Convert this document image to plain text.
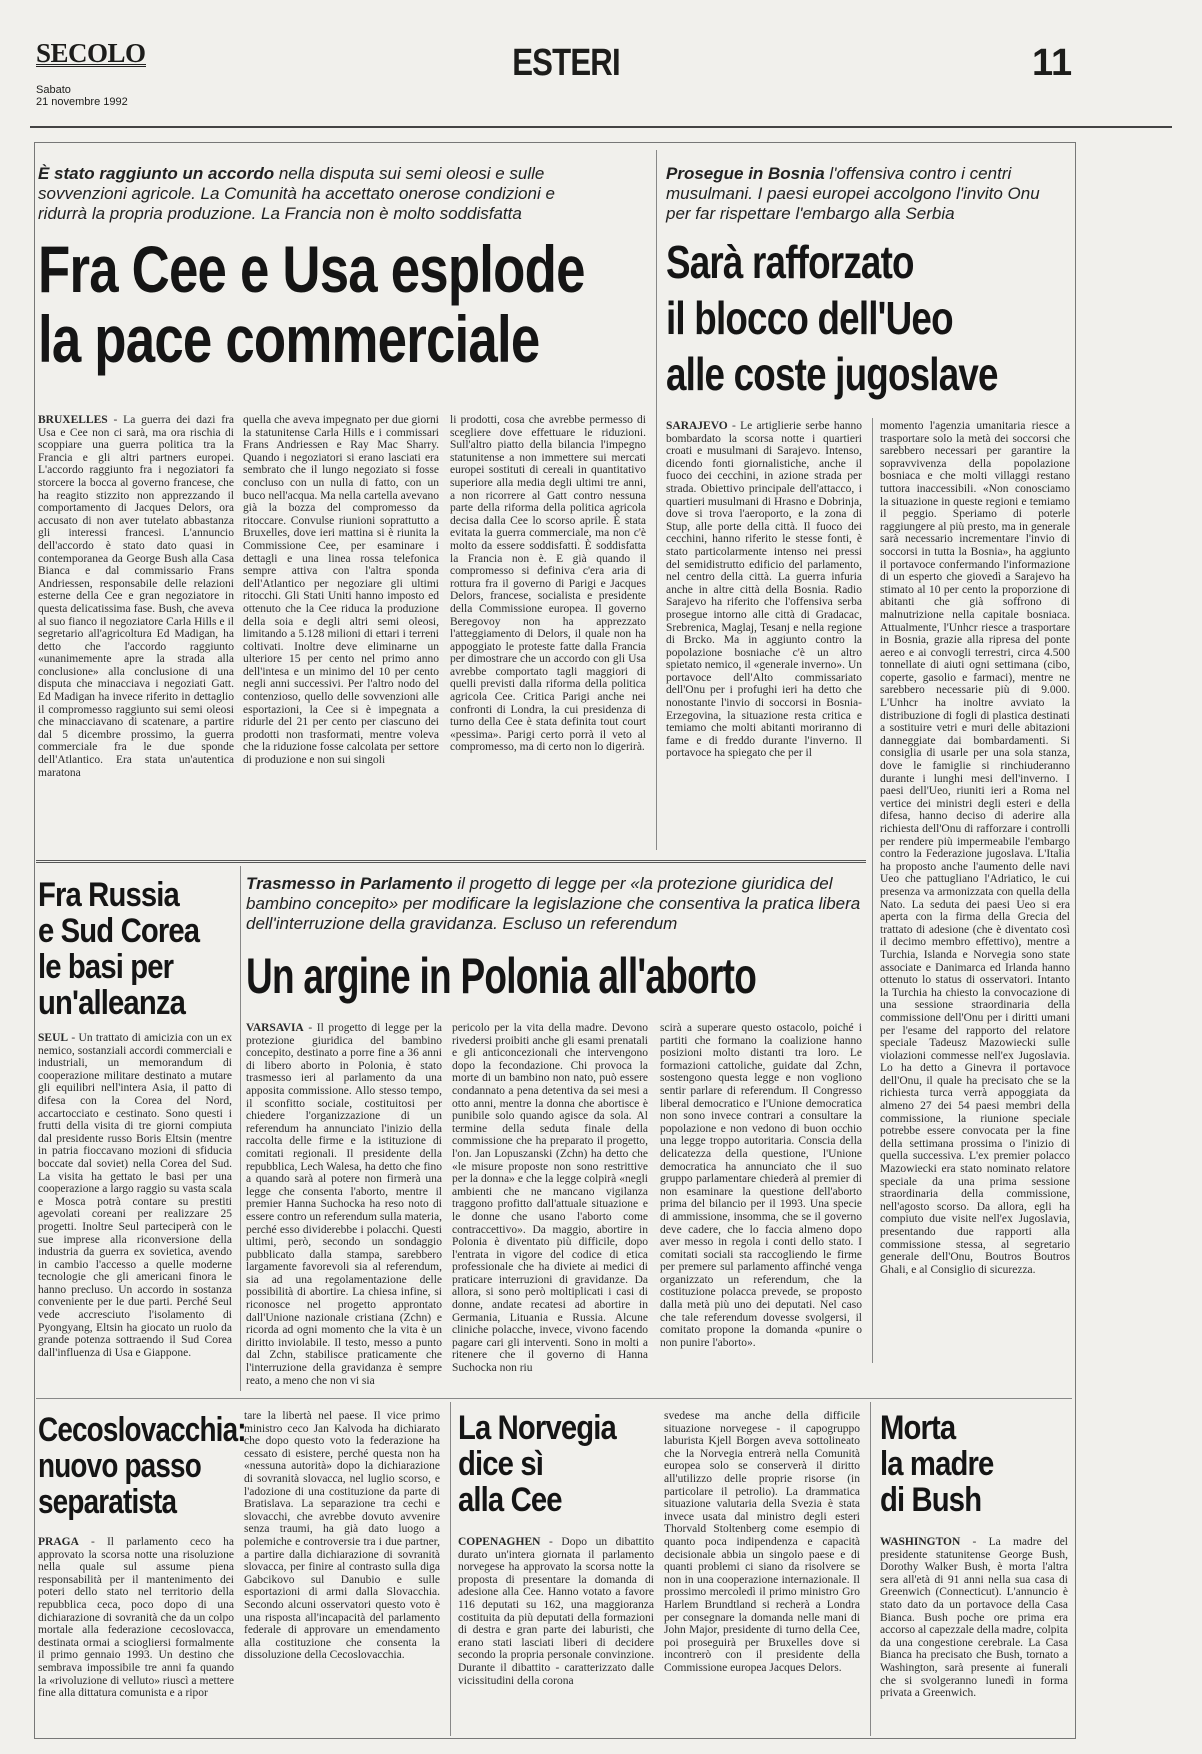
SECOLO
Sabato
21 novembre 1992
ESTERI	11
È stato raggiunto un accordo nella disputa sui semi oleosi e sulle sovvenzioni agricole. La Comunità ha accettato onerose condizioni e ridurrà la propria produzione. La Francia non è molto soddisfatta
Fra Cee e Usa esplode
la pace commerciale
BRUXELLES - La guerra dei dazi fra Usa e Cee non ci sarà, ma ora rischia di scoppiare una guerra politica tra la Francia e gli altri partners europei. L'accordo raggiunto fra i negoziatori fa storcere la bocca al governo francese, che ha reagito stizzito non apprezzando il comportamento di Jacques Delors, ora accusato di non aver tutelato abbastanza gli interessi francesi. L'annuncio dell'accordo è stato dato quasi in contemporanea da George Bush alla Casa Bianca e dal commissario Frans Andriessen, responsabile delle relazioni esterne della Cee e gran negoziatore in questa delicatissima fase. Bush, che aveva al suo fianco il negoziatore Carla Hills e il segretario all'agricoltura Ed Madigan, ha detto che l'accordo raggiunto «unanimemente apre la strada alla conclusione» alla conclusione di una disputa che minacciava i negoziati Gatt. Ed Madigan ha invece riferito in dettaglio il compromesso raggiunto sui semi oleosi che minacciavano di scatenare, a partire dal 5 dicembre prossimo, la guerra commerciale fra le due sponde dell'Atlantico. Era stata un'autentica maratona
quella che aveva impegnato per due giorni la statunitense Carla Hills e i commissari Frans Andriessen e Ray Mac Sharry. Quando i negoziatori si erano lasciati era sembrato che il lungo negoziato si fosse concluso con un nulla di fatto, con un buco nell'acqua. Ma nella cartella avevano già la bozza del compromesso da ritoccare. Convulse riunioni soprattutto a Bruxelles, dove ieri mattina si è riunita la Commissione Cee, per esaminare i dettagli e una linea rossa telefonica sempre attiva con l'altra sponda dell'Atlantico per negoziare gli ultimi ritocchi. Gli Stati Uniti hanno imposto ed ottenuto che la Cee riduca la produzione della soia e degli altri semi oleosi, limitando a 5.128 milioni di ettari i terreni coltivati. Inoltre deve eliminarne un ulteriore 15 per cento nel primo anno dell'intesa e un minimo del 10 per cento negli anni successivi. Per l'altro nodo del contenzioso, quello delle sovvenzioni alle esportazioni, la Cee si è impegnata a ridurle del 21 per cento per ciascuno dei prodotti non trasformati, mentre voleva che la riduzione fosse calcolata per settore di produzione e non sui singoli
li prodotti, cosa che avrebbe permesso di scegliere dove effettuare le riduzioni. Sull'altro piatto della bilancia l'impegno statunitense a non immettere sui mercati europei sostituti di cereali in quantitativo superiore alla media degli ultimi tre anni, a non ricorrere al Gatt contro nessuna parte della riforma della politica agricola decisa dalla Cee lo scorso aprile. È stata evitata la guerra commerciale, ma non c'è molto da essere soddisfatti. È soddisfatta la Francia non è. E già quando il compromesso si definiva c'era aria di rottura fra il governo di Parigi e Jacques Delors, francese, socialista e presidente della Commissione europea. Il governo Beregovoy non ha apprezzato l'atteggiamento di Delors, il quale non ha appoggiato le proteste fatte dalla Francia per dimostrare che un accordo con gli Usa avrebbe comportato tagli maggiori di quelli previsti dalla riforma della politica agricola Cee. Critica Parigi anche nei confronti di Londra, la cui presidenza di turno della Cee è stata definita tout court «pessima». Parigi certo porrà il veto al compromesso, ma di certo non lo digerirà.
Prosegue in Bosnia l'offensiva contro i centri musulmani. I paesi europei accolgono l'invito Onu per far rispettare l'embargo alla Serbia
Sarà rafforzato
il blocco dell'Ueo
alle coste jugoslave
SARAJEVO - Le artiglierie serbe hanno bombardato la scorsa notte i quartieri croati e musulmani di Sarajevo. Intenso, dicendo fonti giornalistiche, anche il fuoco dei cecchini, in azione strada per strada. Obiettivo principale dell'attacco, i quartieri musulmani di Hrasno e Dobrinja, dove si trova l'aeroporto, e la zona di Stup, alle porte della città. Il fuoco dei cecchini, hanno riferito le stesse fonti, è stato particolarmente intenso nei pressi del semidistrutto edificio del parlamento, nel centro della città. La guerra infuria anche in altre città della Bosnia. Radio Sarajevo ha riferito che l'offensiva serba prosegue intorno alle città di Gradacac, Srebrenica, Maglaj, Tesanj e nella regione di Brcko. Ma in aggiunto contro la popolazione bosniache c'è un altro spietato nemico, il «generale inverno». Un portavoce dell'Alto commissariato dell'Onu per i profughi ieri ha detto che nonostante l'invio di soccorsi in Bosnia-Erzegovina, la situazione resta critica e temiamo che molti abitanti moriranno di fame e di freddo durante l'inverno. Il portavoce ha spiegato che per il
momento l'agenzia umanitaria riesce a trasportare solo la metà dei soccorsi che sarebbero necessari per garantire la sopravvivenza della popolazione bosniaca e che molti villaggi restano tuttora inaccessibili. «Non conosciamo la situazione in queste regioni e temiamo il peggio. Speriamo di poterle raggiungere al più presto, ma in generale sarà necessario incrementare l'invio di soccorsi in tutta la Bosnia», ha aggiunto il portavoce confermando l'informazione di un esperto che giovedì a Sarajevo ha stimato al 10 per cento la proporzione di abitanti che già soffrono di malnutrizione nella capitale bosniaca. Attualmente, l'Unhcr riesce a trasportare in Bosnia, grazie alla ripresa del ponte aereo e ai convogli terrestri, circa 4.500 tonnellate di aiuti ogni settimana (cibo, coperte, gasolio e farmaci), mentre ne sarebbero necessarie più di 9.000. L'Unhcr ha inoltre avviato la distribuzione di fogli di plastica destinati a sostituire vetri e muri delle abitazioni danneggiate dai bombardamenti. Si consiglia di usarle per una sola stanza, dove le famiglie si rinchiuderanno durante i lunghi mesi dell'inverno. I paesi dell'Ueo, riuniti ieri a Roma nel vertice dei ministri degli esteri e della difesa, hanno deciso di aderire alla richiesta dell'Onu di rafforzare i controlli per rendere più impermeabile l'embargo contro la Federazione jugoslava. L'Italia ha proposto anche l'aumento delle navi Ueo che pattugliano l'Adriatico, le cui presenza va armonizzata con quella della Nato. La seduta dei paesi Ueo si era aperta con la firma della Grecia del trattato di adesione (che è diventato così il decimo membro effettivo), mentre a Turchia, Islanda e Norvegia sono state associate e Danimarca ed Irlanda hanno ottenuto lo status di osservatori. Intanto la Turchia ha chiesto la convocazione di una sessione straordinaria della commissione dell'Onu per i diritti umani per l'esame del rapporto del relatore speciale Tadeusz Mazowiecki sulle violazioni commesse nell'ex Jugoslavia. Lo ha detto a Ginevra il portavoce dell'Onu, il quale ha precisato che se la richiesta turca verrà appoggiata da almeno 27 dei 54 paesi membri della commissione, la riunione speciale potrebbe essere convocata per la fine della settimana prossima o l'inizio di quella successiva. L'ex premier polacco Mazowiecki era stato nominato relatore speciale da una prima sessione straordinaria della commissione, nell'agosto scorso. Da allora, egli ha compiuto due visite nell'ex Jugoslavia, presentando due rapporti alla commissione stessa, al segretario generale dell'Onu, Boutros Boutros Ghali, e al Consiglio di sicurezza.
Fra Russia
e Sud Corea
le basi per
un'alleanza
SEUL - Un trattato di amicizia con un ex nemico, sostanziali accordi commerciali e industriali, un memorandum di cooperazione militare destinato a mutare gli equilibri nell'intera Asia, il patto di difesa con la Corea del Nord, accartocciato e cestinato. Sono questi i frutti della visita di tre giorni compiuta dal presidente russo Boris Eltsin (mentre in patria fioccavano mozioni di sfiducia boccate dal soviet) nella Corea del Sud. La visita ha gettato le basi per una cooperazione a largo raggio su vasta scala e Mosca potrà contare su prestiti agevolati coreani per realizzare 25 progetti. Inoltre Seul parteciperà con le sue imprese alla riconversione della industria da guerra ex sovietica, avendo in cambio l'accesso a quelle moderne tecnologie che gli americani finora le hanno precluso. Un accordo in sostanza conveniente per le due parti. Perché Seul vede accresciuto l'isolamento di Pyongyang, Eltsin ha giocato un ruolo da grande potenza sottraendo il Sud Corea dall'influenza di Usa e Giappone.
Trasmesso in Parlamento il progetto di legge per «la protezione giuridica del bambino concepito» per modificare la legislazione che consentiva la pratica libera dell'interruzione della gravidanza. Escluso un referendum
Un argine in Polonia all'aborto
VARSAVIA - Il progetto di legge per la protezione giuridica del bambino concepito, destinato a porre fine a 36 anni di libero aborto in Polonia, è stato trasmesso ieri al parlamento da una apposita commissione. Allo stesso tempo, il sconfitto sociale, costituitosi per chiedere l'organizzazione di un referendum ha annunciato l'inizio della raccolta delle firme e la istituzione di comitati regionali. Il presidente della repubblica, Lech Walesa, ha detto che fino a quando sarà al potere non firmerà una legge che consenta l'aborto, mentre il premier Hanna Suchocka ha reso noto di essere contro un referendum sulla materia, perché esso dividerebbe i polacchi. Questi ultimi, però, secondo un sondaggio pubblicato dalla stampa, sarebbero largamente favorevoli sia al referendum, sia ad una regolamentazione delle possibilità di abortire. La chiesa infine, si riconosce nel progetto approntato dall'Unione nazionale cristiana (Zchn) e ricorda ad ogni momento che la vita è un diritto inviolabile. Il testo, messo a punto dal Zchn, stabilisce praticamente che l'interruzione della gravidanza è sempre reato, a meno che non vi sia
pericolo per la vita della madre. Devono rivedersi proibiti anche gli esami prenatali e gli anticoncezionali che intervengono dopo la fecondazione. Chi provoca la morte di un bambino non nato, può essere condannato a pena detentiva da sei mesi a otto anni, mentre la donna che abortisce è punibile solo quando agisce da sola. Al termine della seduta finale della commissione che ha preparato il progetto, l'on. Jan Lopuszanski (Zchn) ha detto che «le misure proposte non sono restrittive per la donna» e che la legge colpirà «negli ambienti che ne mancano vigilanza traggono profitto dall'attuale situazione e le donne che usano l'aborto come contraccettivo». Da maggio, abortire in Polonia è diventato più difficile, dopo l'entrata in vigore del codice di etica professionale che ha diviete ai medici di praticare interruzioni di gravidanze. Da allora, si sono però moltiplicati i casi di donne, andate recatesi ad abortire in Germania, Lituania e Russia. Alcune cliniche polacche, invece, vivono facendo pagare cari gli interventi. Sono in molti a ritenere che il governo di Hanna Suchocka non riu
scirà a superare questo ostacolo, poiché i partiti che formano la coalizione hanno posizioni molto distanti tra loro. Le formazioni cattoliche, guidate dal Zchn, sostengono questa legge e non vogliono sentir parlare di referendum. Il Congresso liberal democratico e l'Unione democratica non sono invece contrari a consultare la popolazione e non vedono di buon occhio una legge troppo autoritaria. Conscia della delicatezza della questione, l'Unione democratica ha annunciato che il suo gruppo parlamentare chiederà al premier di non esaminare la questione dell'aborto prima del bilancio per il 1993. Una specie di ammissione, insomma, che se il governo deve cadere, che lo faccia almeno dopo aver messo in regola i conti dello stato. I comitati sociali sta raccogliendo le firme per premere sul parlamento affinché venga organizzato un referendum, che la costituzione polacca prevede, se proposto dalla metà più uno dei deputati. Nel caso che tale referendum dovesse svolgersi, il comitato propone la domanda «punire o non punire l'aborto».
Cecoslovacchia:
nuovo passo
separatista
PRAGA - Il parlamento ceco ha approvato la scorsa notte una risoluzione nella quale sul assume piena responsabilità per il mantenimento dei poteri dello stato nel territorio della repubblica ceca, poco dopo di una dichiarazione di sovranità che da un colpo mortale alla federazione cecoslovacca, destinata ormai a sciogliersi formalmente il primo gennaio 1993. Un destino che sembrava impossibile tre anni fa quando la «rivoluzione di velluto» riuscì a mettere fine alla dittatura comunista e a ripor
tare la libertà nel paese. Il vice primo ministro ceco Jan Kalvoda ha dichiarato che dopo questo voto la federazione ha cessato di esistere, perché questa non ha «nessuna autorità» dopo la dichiarazione di sovranità slovacca, nel luglio scorso, e l'adozione di una costituzione da parte di Bratislava. La separazione tra cechi e slovacchi, che avrebbe dovuto avvenire senza traumi, ha già dato luogo a polemiche e controversie tra i due partner, a partire dalla dichiarazione di sovranità slovacca, per finire al contrasto sulla diga Gabcikovo sul Danubio e sulle esportazioni di armi dalla Slovacchia. Secondo alcuni osservatori questo voto è una risposta all'incapacità del parlamento federale di approvare un emendamento alla costituzione che consenta la dissoluzione della Cecoslovacchia.
La Norvegia
dice sì
alla Cee
COPENAGHEN - Dopo un dibattito durato un'intera giornata il parlamento norvegese ha approvato la scorsa notte la proposta di presentare la domanda di adesione alla Cee. Hanno votato a favore 116 deputati su 162, una maggioranza costituita da più deputati della formazioni di destra e gran parte dei laburisti, che erano stati lasciati liberi di decidere secondo la propria personale convinzione. Durante il dibattito - caratterizzato dalle vicissitudini della corona
svedese ma anche della difficile situazione norvegese - il capogruppo laburista Kjell Borgen aveva sottolineato che la Norvegia entrerà nella Comunità europea solo se conserverà il diritto all'utilizzo delle proprie risorse (in particolare il petrolio). La drammatica situazione valutaria della Svezia è stata invece usata dal ministro degli esteri Thorvald Stoltenberg come esempio di quanto poca indipendenza e capacità decisionale abbia un singolo paese e di quanti problemi ci siano da risolvere se non in una cooperazione internazionale. Il prossimo mercoledì il primo ministro Gro Harlem Brundtland si recherà a Londra per consegnare la domanda nelle mani di John Major, presidente di turno della Cee, poi proseguirà per Bruxelles dove si incontrerò con il presidente della Commissione europea Jacques Delors.
Morta
la madre
di Bush
WASHINGTON - La madre del presidente statunitense George Bush, Dorothy Walker Bush, è morta l'altra sera all'età di 91 anni nella sua casa di Greenwich (Connecticut). L'annuncio è stato dato da un portavoce della Casa Bianca. Bush poche ore prima era accorso al capezzale della madre, colpita da una congestione cerebrale. La Casa Bianca ha precisato che Bush, tornato a Washington, sarà presente ai funerali che si svolgeranno lunedì in forma privata a Greenwich.
